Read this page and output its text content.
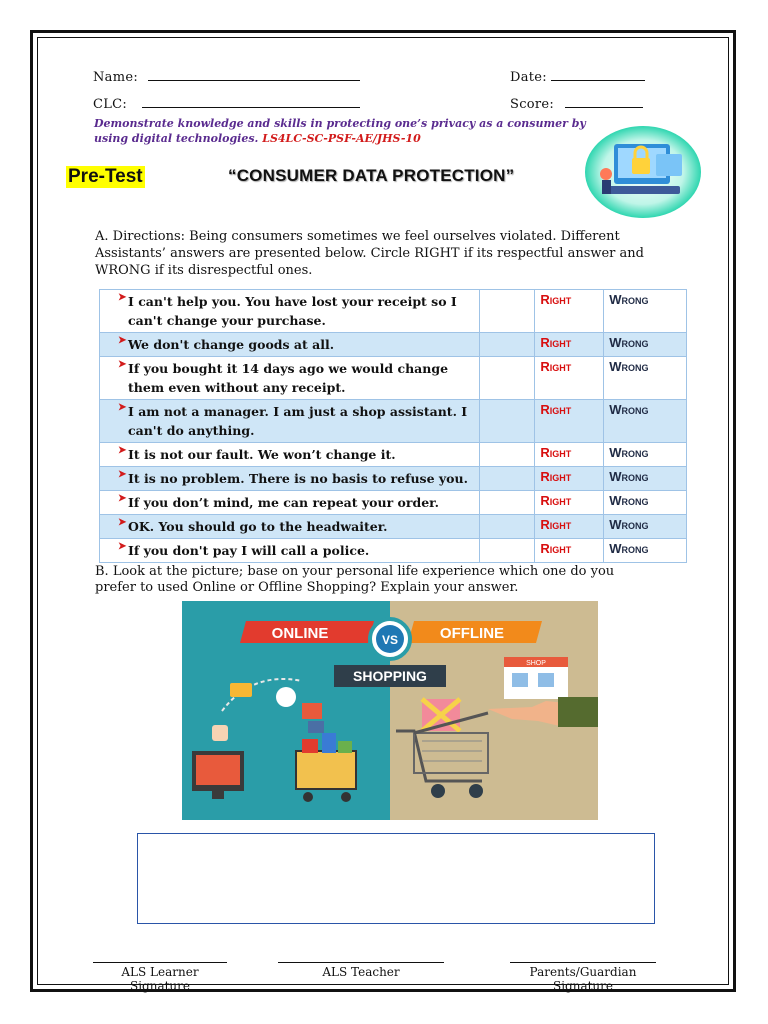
Name:	Date:
CLC:	Score:
Demonstrate knowledge and skills in protecting one’s privacy as a consumer by using digital technologies. LS4LC-SC-PSF-AE/JHS-10
Pre-Test	“CONSUMER DATA PROTECTION”
A. Directions: Being consumers sometimes we feel ourselves violated. Different Assistants’ answers are presented below. Circle RIGHT if its respectful answer and WRONG if its disrespectful ones.
➤ I can't help you. You have lost your receipt so I can't change your purchase.		Right	Wrong

➤ We don't change goods at all.		Right	Wrong

➤ If you bought it 14 days ago we would change them even without any receipt.		Right	Wrong

➤ I am not a manager. I am just a shop assistant. I can't do anything.		Right	Wrong

➤ It is not our fault. We won’t change it.		Right	Wrong

➤ It is no problem. There is no basis to refuse you.		Right	Wrong

➤ If you don’t mind, me can repeat your order.		Right	Wrong

➤ OK. You should go to the headwaiter.		Right	Wrong

➤ If you don't pay I will call a police.		Right	Wrong
B. Look at the picture; base on your personal life experience which one do you prefer to used Online or Offline Shopping? Explain your answer.
ONLINE	OFFLINE
VS
SHOPPING
SHOP
ALS Learner Signature
ALS Teacher	Parents/Guardian Signature
